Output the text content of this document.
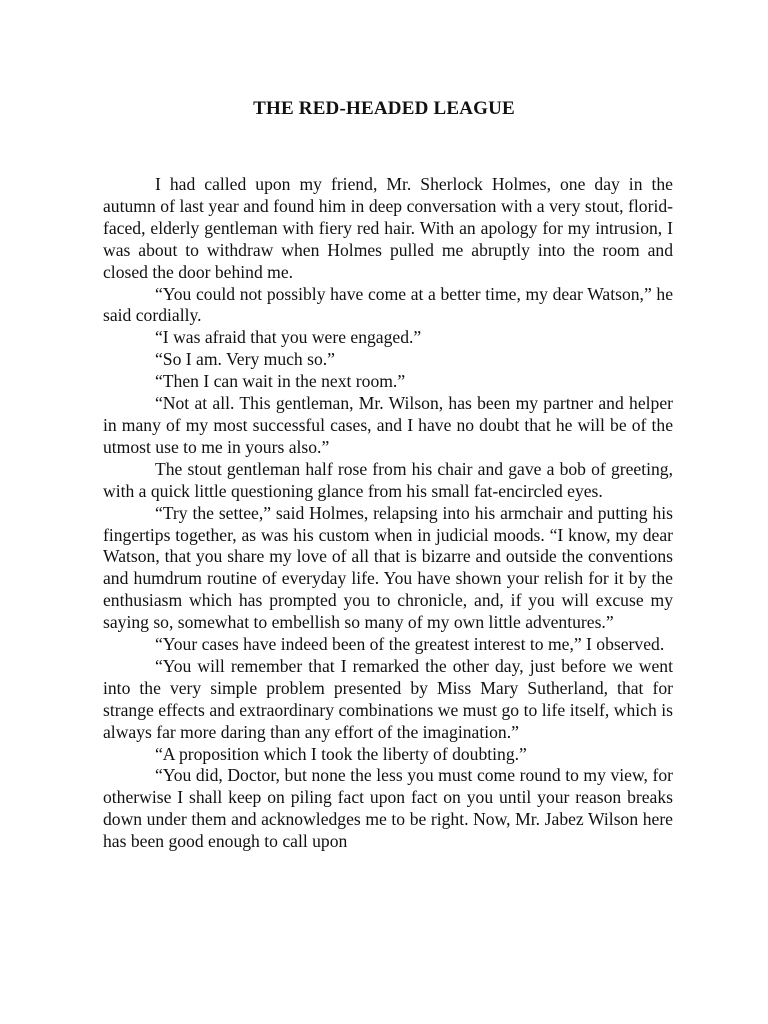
THE RED-HEADED LEAGUE

I had called upon my friend, Mr. Sherlock Holmes, one day in the autumn of last year and found him in deep conversation with a very stout, florid-faced, elderly gentleman with fiery red hair. With an apology for my intrusion, I was about to withdraw when Holmes pulled me abruptly into the room and closed the door behind me.

“You could not possibly have come at a better time, my dear Watson,” he said cordially.

“I was afraid that you were engaged.”

“So I am. Very much so.”

“Then I can wait in the next room.”

“Not at all. This gentleman, Mr. Wilson, has been my partner and helper in many of my most successful cases, and I have no doubt that he will be of the utmost use to me in yours also.”

The stout gentleman half rose from his chair and gave a bob of greeting, with a quick little questioning glance from his small fat-encircled eyes.

“Try the settee,” said Holmes, relapsing into his armchair and putting his fingertips together, as was his custom when in judicial moods. “I know, my dear Watson, that you share my love of all that is bizarre and outside the conventions and humdrum routine of everyday life. You have shown your relish for it by the enthusiasm which has prompted you to chronicle, and, if you will excuse my saying so, somewhat to embellish so many of my own little adventures.”

“Your cases have indeed been of the greatest interest to me,” I observed.

“You will remember that I remarked the other day, just before we went into the very simple problem presented by Miss Mary Sutherland, that for strange effects and extraordinary combinations we must go to life itself, which is always far more daring than any effort of the imagination.”

“A proposition which I took the liberty of doubting.”

“You did, Doctor, but none the less you must come round to my view, for otherwise I shall keep on piling fact upon fact on you until your reason breaks down under them and acknowledges me to be right. Now, Mr. Jabez Wilson here has been good enough to call upon
